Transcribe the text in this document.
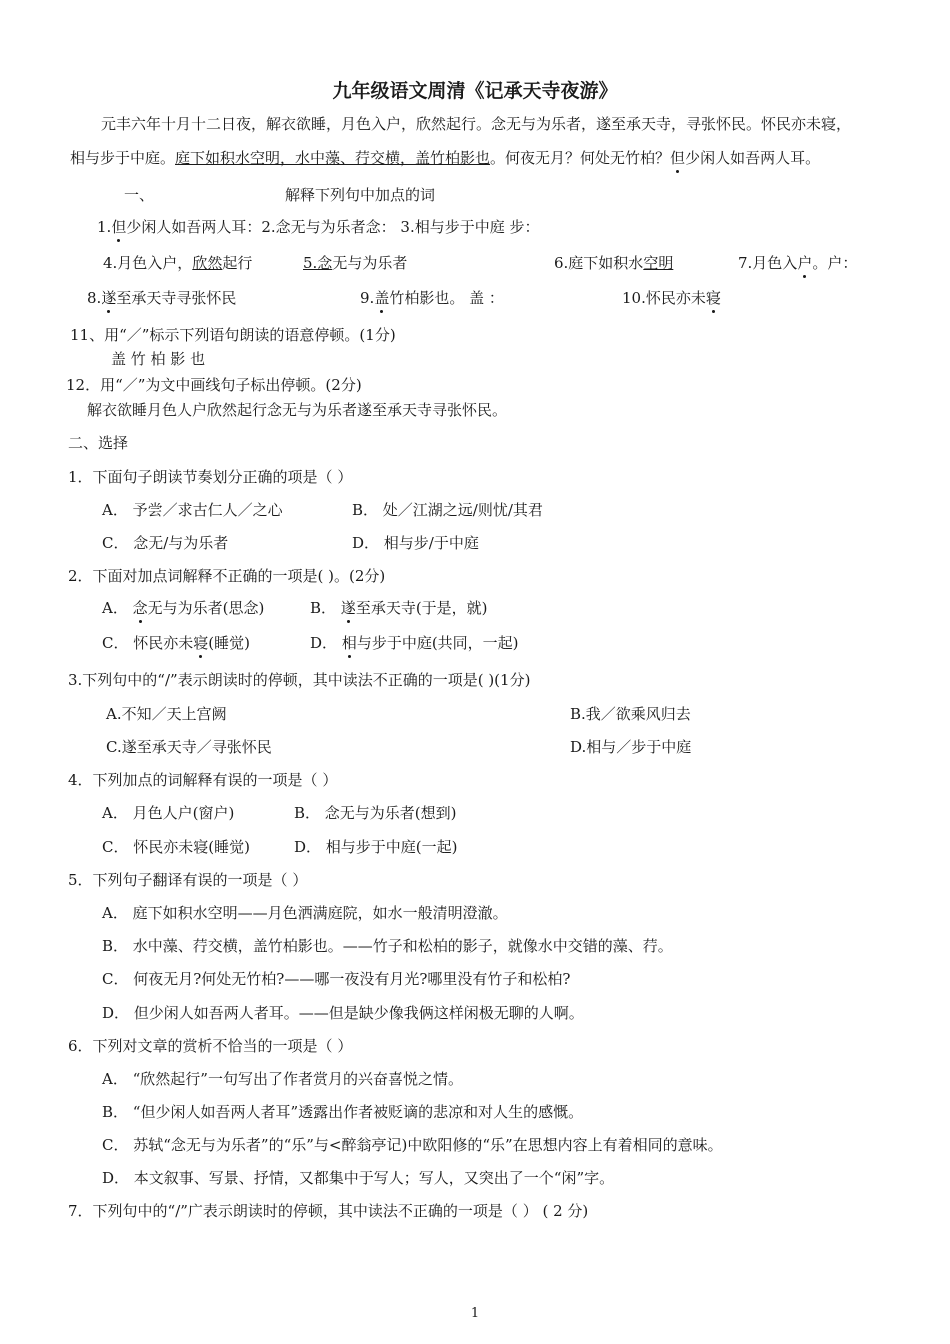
九年级语文周清《记承天寺夜游》
元丰六年十月十二日夜，解衣欲睡，月色入户，欣然起行。念无与为乐者，遂至承天寺，寻张怀民。怀民亦未寝，
相与步于中庭。庭下如积水空明，水中藻、荇交横，盖竹柏影也。何夜无月？何处无竹柏？但少闲人如吾两人耳。
一、	解释下列句中加点的词
1.但少闲人如吾两人耳：2.念无与为乐者念： 3.相与步于中庭 步：
4.月色入户，欣然起行	5.念无与为乐者	6.庭下如积水空明	7.月色入户。户：
8.遂至承天寺寻张怀民	9.盖竹柏影也。 盖 ：	10.怀民亦未寝
11、用“／”标示下列语句朗读的语意停顿。(1分)
盖 竹 柏 影 也
12．用“／”为文中画线句子标出停顿。(2分)
解衣欲睡月色人户欣然起行念无与为乐者遂至承天寺寻张怀民。
二、选择
1．下面句子朗读节奏划分正确的项是（ ）
A． 予尝／求古仁人／之心	B． 处／江湖之远/则忧/其君
C． 念无/与为乐者	D． 相与步/于中庭
2．下面对加点词解释不正确的一项是( )。(2分)
A． 念无与为乐者(思念)	B． 遂至承天寺(于是，就)
C． 怀民亦未寝(睡觉)	D． 相与步于中庭(共同，一起)
3.下列句中的“/”表示朗读时的停顿，其中读法不正确的一项是( )(1分)
A.不知／天上宫阙	B.我／欲乘风归去
C.遂至承天寺／寻张怀民	D.相与／步于中庭
4．下列加点的词解释有误的一项是（ ）
A． 月色人户(窗户)	B． 念无与为乐者(想到)
C． 怀民亦未寝(睡觉)	D． 相与步于中庭(一起)
5．下列句子翻译有误的一项是（ ）
A． 庭下如积水空明——月色洒满庭院，如水一般清明澄澈。
B． 水中藻、荇交横，盖竹柏影也。——竹子和松柏的影子，就像水中交错的藻、荇。
C． 何夜无月?何处无竹柏?——哪一夜没有月光?哪里没有竹子和松柏?
D． 但少闲人如吾两人者耳。——但是缺少像我俩这样闲极无聊的人啊。
6．下列对文章的赏析不恰当的一项是（ ）
A． “欣然起行”一句写出了作者赏月的兴奋喜悦之情。
B． “但少闲人如吾两人者耳”透露出作者被贬谪的悲凉和对人生的感慨。
C． 苏轼“念无与为乐者”的“乐”与<醉翁亭记)中欧阳修的“乐”在思想内容上有着相同的意味。
D． 本文叙事、写景、抒情，又都集中于写人；写人，又突出了一个“闲”字。
7．下列句中的“/”广表示朗读时的停顿，其中读法不正确的一项是（ ） ( 2 分)
1
